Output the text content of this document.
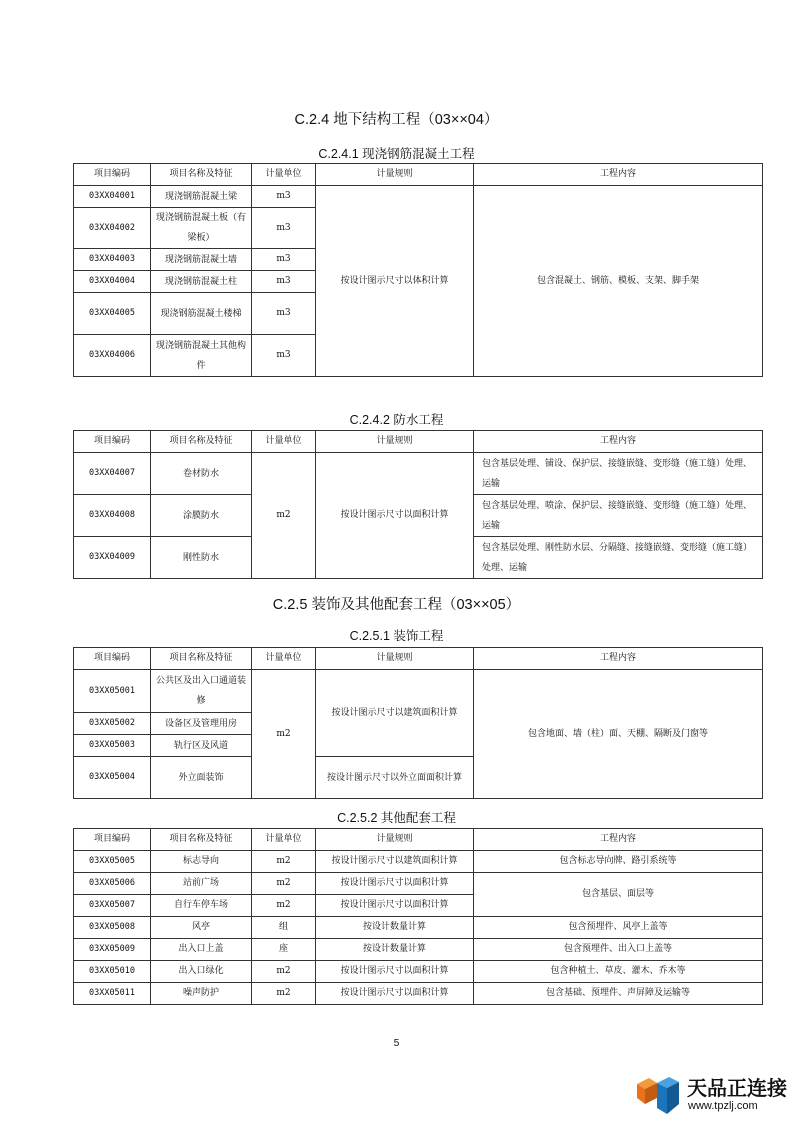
C.2.4 地下结构工程（03××04）
C.2.4.1 现浇钢筋混凝土工程
项目编码	项目名称及特征	计量单位	计量规则	工程内容
03XX04001	现浇钢筋混凝土梁	m3	按设计图示尺寸以体积计算	包含混凝土、钢筋、模板、支架、脚手架
03XX04002	现浇钢筋混凝土板（有梁板）	m3		
03XX04003	现浇钢筋混凝土墙	m3		
03XX04004	现浇钢筋混凝土柱	m3		
03XX04005	现浇钢筋混凝土楼梯	m3		
03XX04006	现浇钢筋混凝土其他构件	m3		
C.2.4.2 防水工程
项目编码	项目名称及特征	计量单位	计量规则	工程内容
03XX04007	卷材防水	m2	按设计图示尺寸以面积计算	包含基层处理、铺设、保护层、接缝嵌缝、变形缝（施工缝）处理、运输
03XX04008	涂膜防水			包含基层处理、喷涂、保护层、接缝嵌缝、变形缝（施工缝）处理、运输
03XX04009	刚性防水			包含基层处理、刚性防水层、分隔缝、接缝嵌缝、变形缝（施工缝）处理、运输
C.2.5 装饰及其他配套工程（03××05）
C.2.5.1 装饰工程
项目编码	项目名称及特征	计量单位	计量规则	工程内容
03XX05001	公共区及出入口通道装修	m2	按设计图示尺寸以建筑面积计算	包含地面、墙（柱）面、天棚、隔断及门窗等
03XX05002	设备区及管理用房			
03XX05003	轨行区及风道			
03XX05004	外立面装饰		按设计图示尺寸以外立面面积计算	
C.2.5.2 其他配套工程
项目编码	项目名称及特征	计量单位	计量规则	工程内容
03XX05005	标志导向	m2	按设计图示尺寸以建筑面积计算	包含标志导向牌、路引系统等
03XX05006	站前广场	m2	按设计图示尺寸以面积计算	包含基层、面层等
03XX05007	自行车停车场	m2	按设计图示尺寸以面积计算	
03XX05008	风亭	组	按设计数量计算	包含预埋件、风亭上盖等
03XX05009	出入口上盖	座	按设计数量计算	包含预埋件、出入口上盖等
03XX05010	出入口绿化	m2	按设计图示尺寸以面积计算	包含种植土、草皮、灌木、乔木等
03XX05011	噪声防护	m2	按设计图示尺寸以面积计算	包含基础、预埋件、声屏障及运输等
5
天品正连接
www.tpzlj.com
